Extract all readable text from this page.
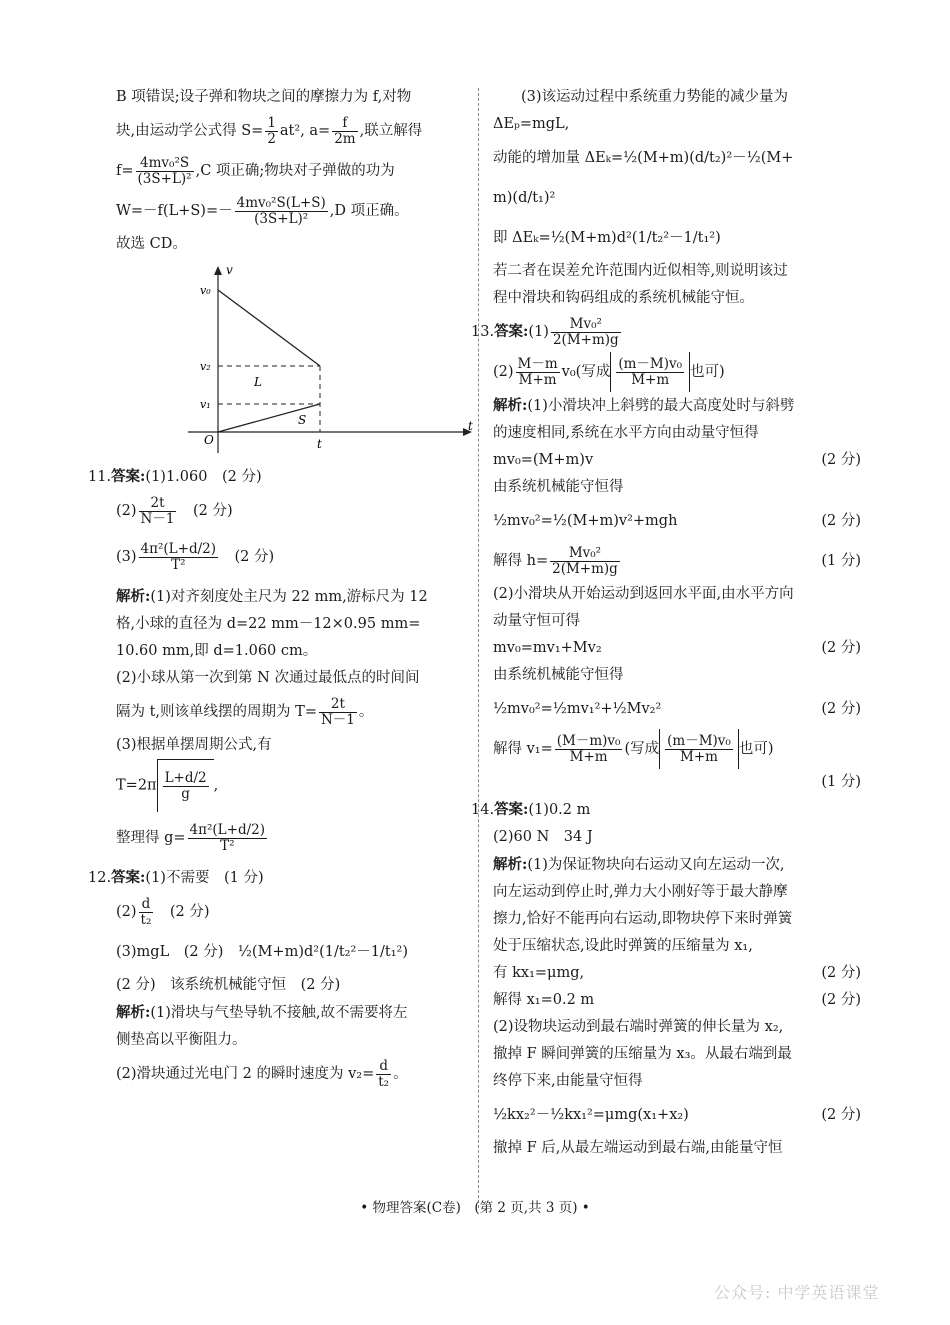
B 项错误;设子弹和物块之间的摩擦力为 f,对物
块,由运动学公式得 $S= \frac{1}{2} at^2$, $a= \frac{f}{2m}$ ,联立解得
$f= \frac{\text{4mv₀²S}}{\text{(3S+L)²}} ,C$ 项正确;物块对子弹做的功为
$W=-f(L+S)=- \frac{\text{4mv₀²S(L+S)}}{\text{(3S+L)²}} ,D$ 项正确。
故选 CD。
v
v₀
v₂
v₁
L
S
O
t
t
11.答案:(1)1.060　(2 分)
$(2) \frac{2t}{N-1}$
　 (2 分)
$(3) \frac{\text{4π²(L+d/2)}}{\text{T²}}$
　 (2 分)
解析:(1)对齐刻度处主尺为 22 mm,游标尺为 12
格,小球的直径为 d=22 mm－12×0.95 mm=
10.60 mm,即 d=1.060 cm。
(2)小球从第一次到第 N 次通过最低点的时间间
隔为 t,则该单线摆的周期为 $T= \frac{2t}{N-1}$ 。
(3)根据单摆周期公式,有
$T=2\pi \frac{L+d/2}{g}$ ,
整理得 $g= \frac{\text{4π²(L+d/2)}}{\text{T²}}$
12.答案:(1)不需要　(1 分)
$(2) \frac{d}{\text{t₂}}$
　 (2 分)
(3)mgL　(2 分)　 ½(M+m)d²(1/t₂²－1/t₁²)
(2 分)　该系统机械能守恒　(2 分)
解析:(1)滑块与气垫导轨不接触,故不需要将左
侧垫高以平衡阻力。
(2)滑块通过光电门 2 的瞬时速度为 $v_2= \frac{d}{\text{t₂}}$ 。
(3)该运动过程中系统重力势能的减少量为
ΔEₚ=mgL,
动能的增加量 ΔEₖ=½(M+m)(d/t₂)²－½(M+
m)(d/t₁)²
即 ΔEₖ=½(M+m)d²(1/t₂²－1/t₁²)
若二者在误差允许范围内近似相等,则说明该过
程中滑块和钩码组成的系统机械能守恒。
13.答案:(1) $\frac{\text{Mv₀²}}{2(M+m)g}$
$(2) \frac{M-m}{M+m} v_0$(写成 $\frac{\text{(m－M)v₀}}{M+m}$ 也可)
解析:(1)小滑块冲上斜劈的最大高度处时与斜劈
的速度相同,系统在水平方向由动量守恒得
mv₀=(M+m)v	(2 分)
由系统机械能守恒得
½mv₀²=½(M+m)v²+mgh	(2 分)
解得 $h= \frac{\text{Mv₀²}}{2(M+m)g}$	(1 分)
(2)小滑块从开始运动到返回水平面,由水平方向
动量守恒可得
mv₀=mv₁+Mv₂	(2 分)
由系统机械能守恒得
½mv₀²=½mv₁²+½Mv₂²	(2 分)
解得 $v_1= \frac{\text{(M－m)v₀}}{M+m}$ (写成 $\frac{\text{(m－M)v₀}}{M+m}$ 也可)
(1 分)
14.答案:(1)0.2 m
(2)60 N　34 J
解析:(1)为保证物块向右运动又向左运动一次,
向左运动到停止时,弹力大小刚好等于最大静摩
擦力,恰好不能再向右运动,即物块停下来时弹簧
处于压缩状态,设此时弹簧的压缩量为 x₁,
有 kx₁=μmg,	(2 分)
解得 x₁=0.2 m	(2 分)
(2)设物块运动到最右端时弹簧的伸长量为 x₂,
撤掉 F 瞬间弹簧的压缩量为 x₃。从最右端到最
终停下来,由能量守恒得
½kx₂²－½kx₁²=μmg(x₁+x₂)	(2 分)
撤掉 F 后,从最左端运动到最右端,由能量守恒
• 物理答案(C卷)　(第 2 页,共 3 页) •
公众号: 中学英语课堂
